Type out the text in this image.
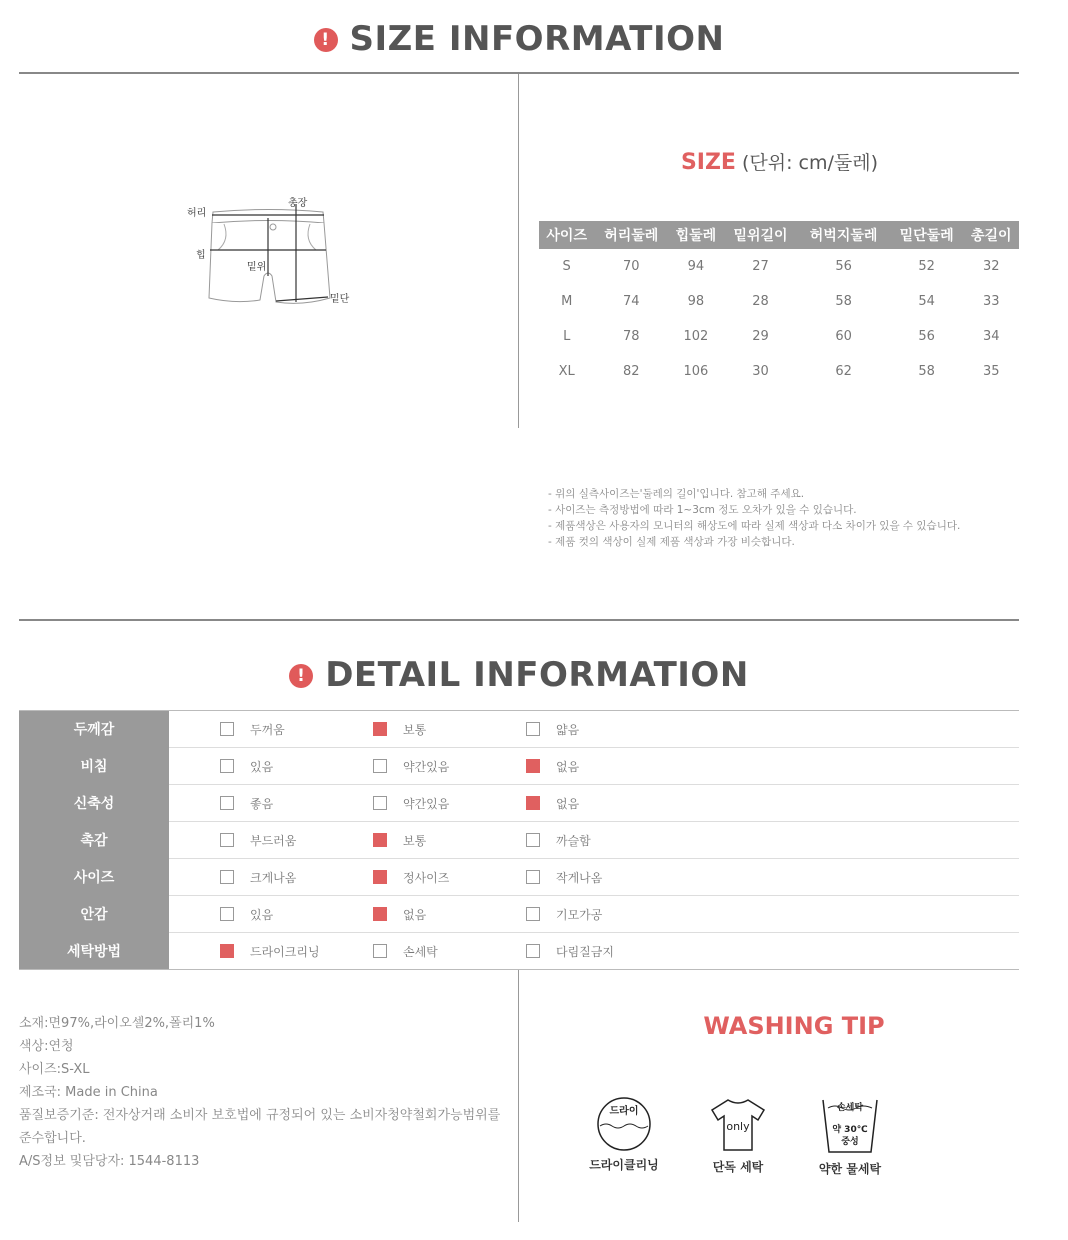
! SIZE INFORMATION
허리
총장
힙
밑위
밑단
SIZE (단위: cm/둘레)
사이즈	허리둘레	힙둘레	밑위길이	허벅지둘레	밑단둘레	총길이
S	70	94	27	56	52	32
M	74	98	28	58	54	33
L	78	102	29	60	56	34
XL	82	106	30	62	58	35
- 위의 실측사이즈는'둘레의 길이'입니다. 참고해 주세요.
- 사이즈는 측정방법에 따라 1~3cm 정도 오차가 있을 수 있습니다.
- 제품색상은 사용자의 모니터의 해상도에 따라 실제 색상과 다소 차이가 있을 수 있습니다.
- 제품 컷의 색상이 실제 제품 색상과 가장 비슷합니다.
! DETAIL INFORMATION
두께감	두꺼움 보통 얇음

비침	있음 약간있음 없음

신축성	좋음 약간있음 없음

촉감	부드러움 보통 까슬함

사이즈	크게나옴 정사이즈 작게나옴

안감	있음 없음 기모가공

세탁방법	드라이크리닝 손세탁 다림질금지
소재:면97%,라이오셀2%,폴리1%
색상:연청
사이즈:S-XL
제조국: Made in China
품질보증기준: 전자상거래 소비자 보호법에 규정되어 있는 소비자청약철회가능범위를
준수합니다.
A/S정보 및담당자: 1544-8113
WASHING TIP
드라이
드라이클리닝
only
단독 세탁
손세탁
약 30℃
중성
약한 물세탁
